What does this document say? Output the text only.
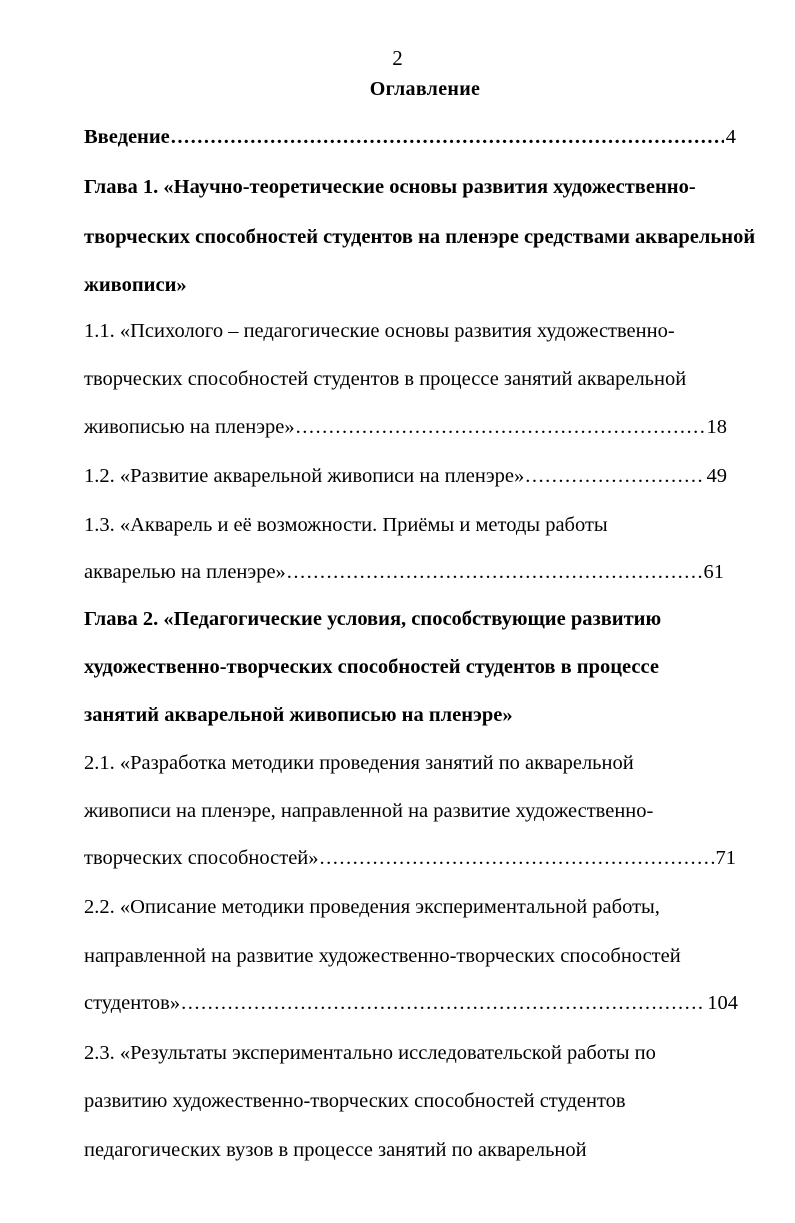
2
Оглавление
Введение .....	4
Глава 1. «Научно-теоретические основы развития художественно-
творческих способностей студентов на пленэре средствами акварельной
живописи»
1.1. «Психолого – педагогические основы развития художественно-
творческих способностей студентов в процессе занятий акварельной
живописью на пленэре» .....	18
1.2. «Развитие акварельной живописи на пленэре» .....	49
1.3. «Акварель и её возможности. Приёмы и методы работы
акварелью на пленэре» .....	61
Глава 2. «Педагогические условия, способствующие развитию
художественно-творческих способностей студентов в процессе
занятий акварельной живописью на пленэре»
2.1. «Разработка методики проведения занятий по акварельной
живописи на пленэре, направленной на развитие художественно-
творческих способностей» .....	71
2.2. «Описание методики проведения экспериментальной работы,
направленной на развитие художественно-творческих способностей
студентов» .....	104
2.3. «Результаты экспериментально исследовательской работы по
развитию художественно-творческих способностей студентов
педагогических вузов в процессе занятий по акварельной
